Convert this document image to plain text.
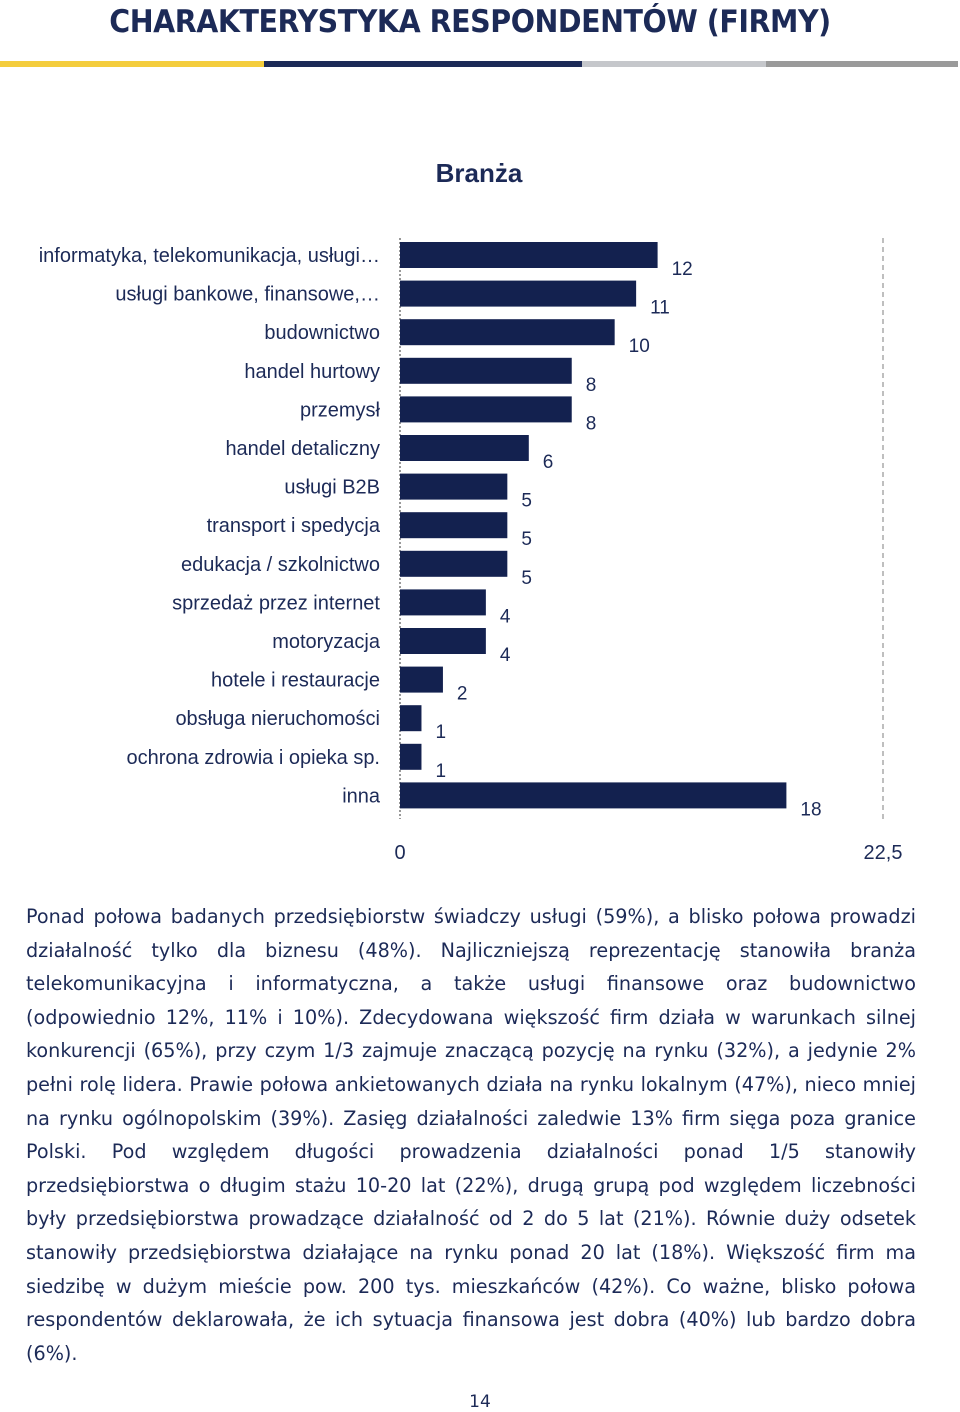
CHARAKTERYSTYKA RESPONDENTÓW (FIRMY)
Branża
informatyka, telekomunikacja, usługi…
usługi bankowe, finansowe,…
budownictwo
handel hurtowy
przemysł
handel detaliczny
usługi B2B
transport i spedycja
edukacja / szkolnictwo
sprzedaż przez internet
motoryzacja
hotele i restauracje
obsługa nieruchomości
ochrona zdrowia i opieka sp.
inna
12
11
10
8
8
6
5
5
5
4
4
2
1
1
18
0	22,5

Ponad połowa badanych przedsiębiorstw świadczy usługi (59%), a blisko połowa prowadzi działalność tylko dla biznesu (48%). Najliczniejszą reprezentację stanowiła branża telekomunikacyjna i informatyczna, a także usługi finansowe oraz budownictwo (odpowiednio 12%, 11% i 10%). Zdecydowana większość firm działa w warunkach silnej konkurencji (65%), przy czym 1/3 zajmuje znaczącą pozycję na rynku (32%), a jedynie 2% pełni rolę lidera. Prawie połowa ankietowanych działa na rynku lokalnym (47%), nieco mniej na rynku ogólnopolskim (39%). Zasięg działalności zaledwie 13% firm sięga poza granice Polski. Pod względem długości prowadzenia działalności ponad 1/5 stanowiły przedsiębiorstwa o długim stażu 10-20 lat (22%), drugą grupą pod względem liczebności były przedsiębiorstwa prowadzące działalność od 2 do 5 lat (21%). Równie duży odsetek stanowiły przedsiębiorstwa działające na rynku ponad 20 lat (18%). Większość firm ma siedzibę w dużym mieście pow. 200 tys. mieszkańców (42%). Co ważne, blisko połowa respondentów deklarowała, że ich sytuacja finansowa jest dobra (40%) lub bardzo dobra (6%).

14
